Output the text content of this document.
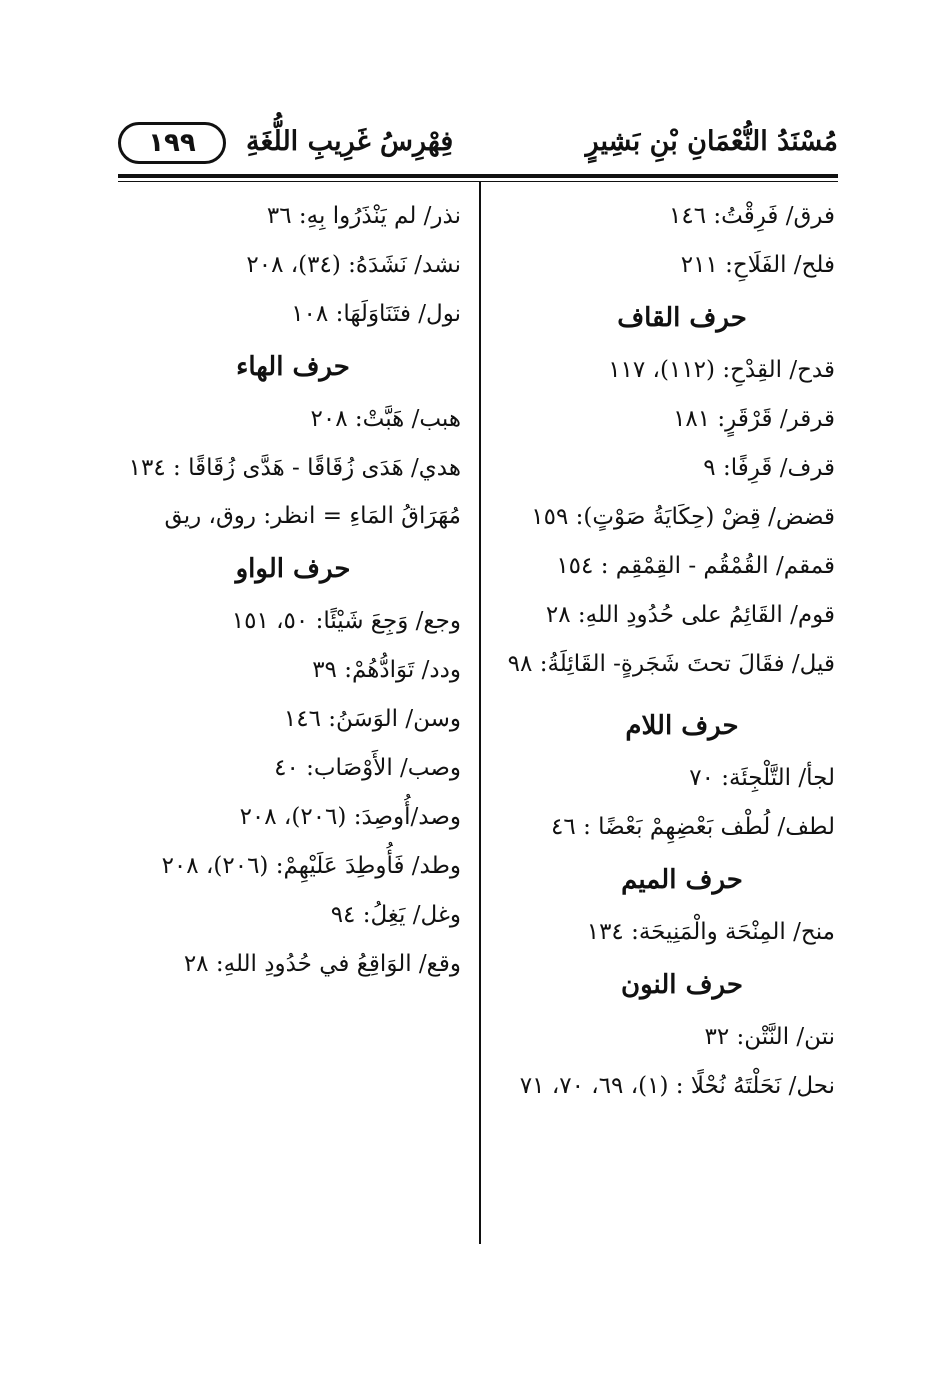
مُسْنَدُ النُّعْمَانِ بْنِ بَشِيرٍ
فِهْرِسُ غَرِيبِ اللُّغَةِ
١٩٩
فرق/ فَرِقْتُ: ١٤٦
فلح/ الفَلَاحِ: ٢١١
حرف القاف
قدح/ القِدْحِ: (١١٢)، ١١٧
قرقر/ قَرْقَرٍ: ١٨١
قرف/ قَرِفًا: ٩
قضض/ قِضْ (حِكَايَةُ صَوْتٍ): ١٥٩
قمقم/ القُمْقُم - القِمْقِم : ١٥٤
قوم/ القَائِمُ على حُدُودِ اللهِ: ٢٨
قيل/ فقَالَ تحتَ شَجَرةٍ- القَائِلَةُ: ٩٨
حرف اللام
لجأ/ التَّلْجِئَة: ٧٠
لطف/ لُطْف بَعْضِهِمْ بَعْضًا : ٤٦
حرف الميم
منح/ المِنْحَة والْمَنِيحَة: ١٣٤
حرف النون
نتن/ النَّتْن: ٣٢
نحل/ نَحَلْتَهُ نُحْلًا : (١)، ٦٩، ٧٠، ٧١
نذر/ لم يَنْذَرُوا بِهِ: ٣٦
نشد/ نَشَدَهُ: (٣٤)، ٢٠٨
نول/ فتَنَاوَلَهَا: ١٠٨
حرف الهاء
هبب/ هَبَّتْ: ٢٠٨
هدي/ هَدَى زُقَاقًا - هَدَّى زُقَاقًا : ١٣٤
مُهَرَاقُ المَاءِ = انظر: روق، ريق
حرف الواو
وجع/ وَجِعَ شَيْئًا: ٥٠، ١٥١
ودد/ تَوَادُّهُمْ: ٣٩
وسن/ الوَسَنُ: ١٤٦
وصب/ الأَوْصَاب: ٤٠
وصد/أُوصِدَ: (٢٠٦)، ٢٠٨
وطد/ فَأُوطِدَ عَلَيْهِمْ: (٢٠٦)، ٢٠٨
وغل/ يَغِلُ: ٩٤
وقع/ الوَاقِعُ في حُدُودِ اللهِ: ٢٨
